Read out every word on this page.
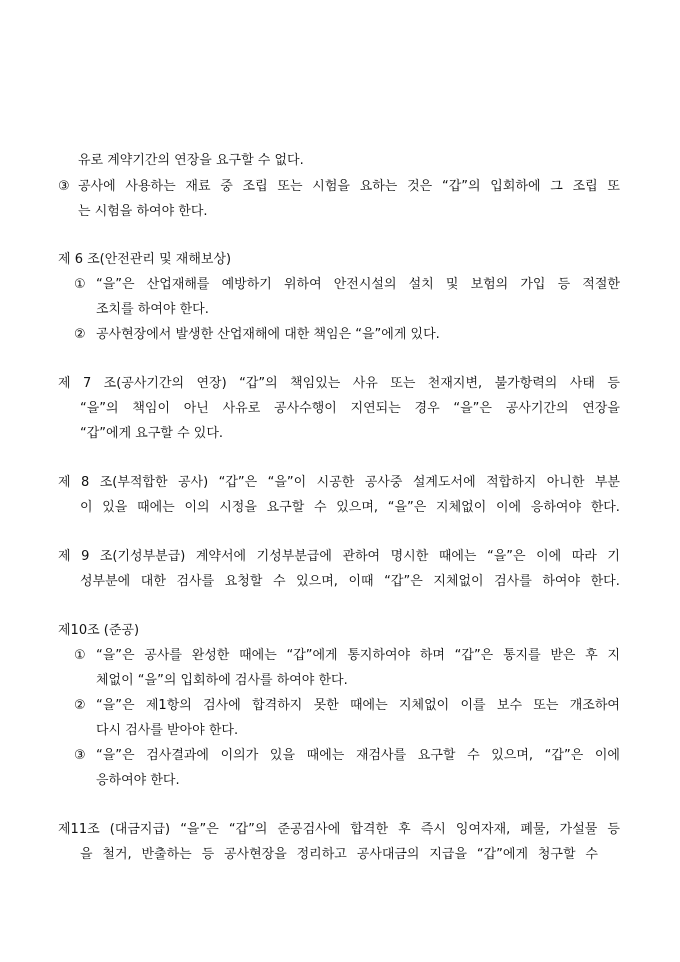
유로 계약기간의 연장을 요구할 수 없다.
③ 공사에 사용하는 재료 중 조립 또는 시험을 요하는 것은 “갑”의 입회하에 그 조립 또
는 시험을 하여야 한다.
제 6 조(안전관리 및 재해보상)
① “을”은 산업재해를 예방하기 위하여 안전시설의 설치 및 보험의 가입 등 적절한
조치를 하여야 한다.
② 공사현장에서 발생한 산업재해에 대한 책임은 “을”에게 있다.
제 7 조(공사기간의 연장) “갑”의 책임있는 사유 또는 천재지변, 불가항력의 사태 등
“을”의 책임이 아닌 사유로 공사수행이 지연되는 경우 “을”은 공사기간의 연장을
“갑”에게 요구할 수 있다.
제 8 조(부적합한 공사) “갑”은 “을”이 시공한 공사중 설계도서에 적합하지 아니한 부분
이 있을 때에는 이의 시정을 요구할 수 있으며, “을”은 지체없이 이에 응하여야 한다.
제 9 조(기성부분급) 계약서에 기성부분급에 관하여 명시한 때에는 “을”은 이에 따라 기
성부분에 대한 검사를 요청할 수 있으며, 이때 “갑”은 지체없이 검사를 하여야 한다.
제10조 (준공)
① “을”은 공사를 완성한 때에는 “갑”에게 통지하여야 하며 “갑”은 통지를 받은 후 지
체없이 “을”의 입회하에 검사를 하여야 한다.
② “을”은 제1항의 검사에 합격하지 못한 때에는 지체없이 이를 보수 또는 개조하여
다시 검사를 받아야 한다.
③ “을”은 검사결과에 이의가 있을 때에는 재검사를 요구할 수 있으며, “갑”은 이에
응하여야 한다.
제11조 (대금지급) “을”은 “갑”의 준공검사에 합격한 후 즉시 잉여자재, 폐물, 가설물 등
을 철거, 반출하는 등 공사현장을 정리하고 공사대금의 지급을 “갑”에게 청구할 수
